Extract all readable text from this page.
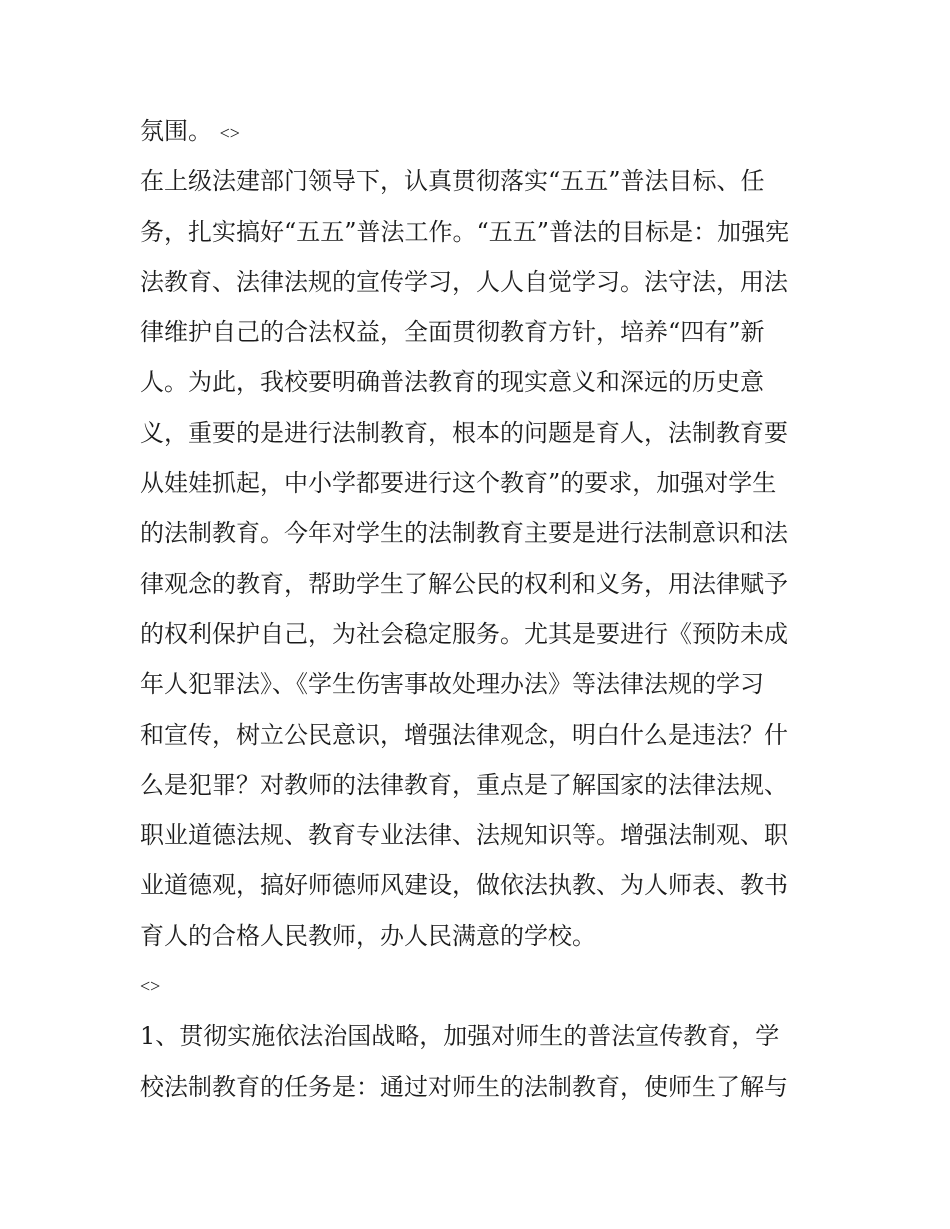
氛围。 <>
在上级法建部门领导下，认真贯彻落实“五五”普法目标、任
务，扎实搞好“五五”普法工作。“五五”普法的目标是：加强宪
法教育、法律法规的宣传学习，人人自觉学习。法守法，用法
律维护自己的合法权益，全面贯彻教育方针，培养“四有”新
人。为此，我校要明确普法教育的现实意义和深远的历史意
义，重要的是进行法制教育，根本的问题是育人，法制教育要
从娃娃抓起，中小学都要进行这个教育”的要求，加强对学生
的法制教育。今年对学生的法制教育主要是进行法制意识和法
律观念的教育，帮助学生了解公民的权利和义务，用法律赋予
的权利保护自己，为社会稳定服务。尤其是要进行《预防未成
年人犯罪法》、《学生伤害事故处理办法》等法律法规的学习
和宣传，树立公民意识，增强法律观念，明白什么是违法？什
么是犯罪？对教师的法律教育，重点是了解国家的法律法规、
职业道德法规、教育专业法律、法规知识等。增强法制观、职
业道德观，搞好师德师风建设，做依法执教、为人师表、教书
育人的合格人民教师，办人民满意的学校。
<>
1、贯彻实施依法治国战略，加强对师生的普法宣传教育，学
校法制教育的任务是：通过对师生的法制教育，使师生了解与
